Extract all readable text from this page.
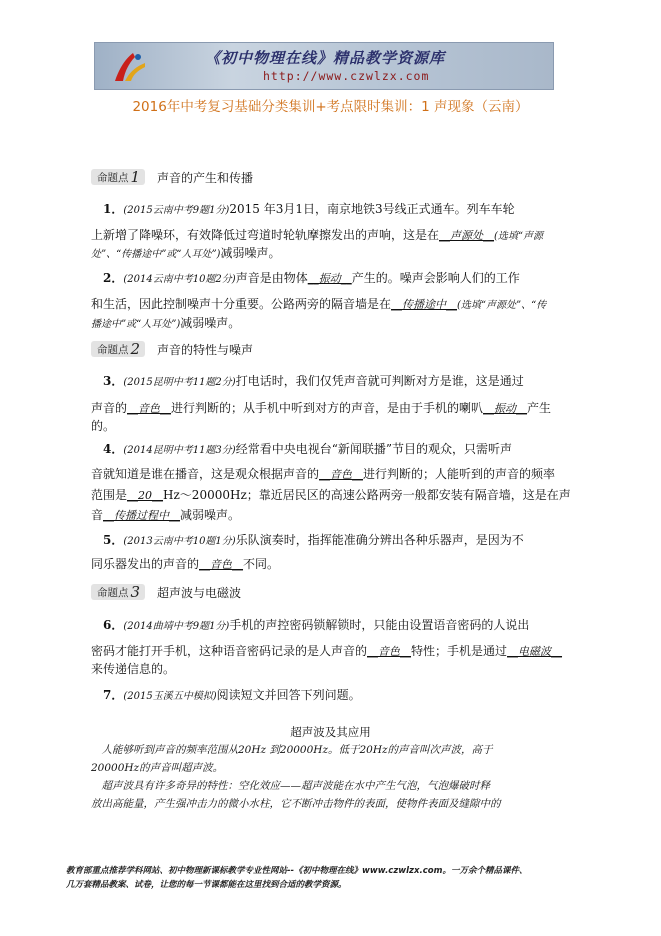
《初中物理在线》精品教学资源库
http://www.czwlzx.com
2016年中考复习基础分类集训+考点限时集训：1 声现象（云南）
命题点 1 声音的产生和传播
 1．(2015云南中考9题1分)2015 年3月1日，南京地铁3号线正式通车。列车车轮
上新增了降噪环，有效降低过弯道时轮轨摩擦发出的声响，这是在__声源处__(选填“声源
处”、“传播途中”或“人耳处”)减弱噪声。
 2．(2014云南中考10题2分)声音是由物体__振动__产生的。噪声会影响人们的工作
和生活，因此控制噪声十分重要。公路两旁的隔音墙是在__传播途中__(选填“声源处”、“传
播途中”或“人耳处”)减弱噪声。
命题点 2 声音的特性与噪声
 3．(2015昆明中考11题2分)打电话时，我们仅凭声音就可判断对方是谁，这是通过
声音的__音色__进行判断的；从手机中听到对方的声音，是由于手机的喇叭__振动__产生
的。
 4．(2014昆明中考11题3分)经常看中央电视台“新闻联播”节目的观众，只需听声
音就知道是谁在播音，这是观众根据声音的__音色__进行判断的；人能听到的声音的频率
范围是__20__Hz～20000Hz；靠近居民区的高速公路两旁一般都安装有隔音墙，这是在声
音__传播过程中__减弱噪声。
 5．(2013云南中考10题1分)乐队演奏时，指挥能准确分辨出各种乐器声，是因为不
同乐器发出的声音的__音色__不同。
命题点 3 超声波与电磁波
 6．(2014曲靖中考9题1分)手机的声控密码锁解锁时，只能由设置语音密码的人说出
密码才能打开手机，这种语音密码记录的是人声音的__音色__特性；手机是通过__电磁波__
来传递信息的。
 7．(2015玉溪五中模拟)阅读短文并回答下列问题。
超声波及其应用
 人能够听到声音的频率范围从20Hz 到20000Hz。低于20Hz的声音叫次声波，高于
20000Hz的声音叫超声波。
 超声波具有许多奇异的特性：空化效应——超声波能在水中产生气泡，气泡爆破时释
放出高能量，产生强冲击力的微小水柱，它不断冲击物件的表面，使物件表面及缝隙中的
教育部重点推荐学科网站、初中物理新课标教学专业性网站--《初中物理在线》www.czwlzx.com。一万余个精品课件、
几万套精品教案、试卷，让您的每一节课都能在这里找到合适的教学资源。
